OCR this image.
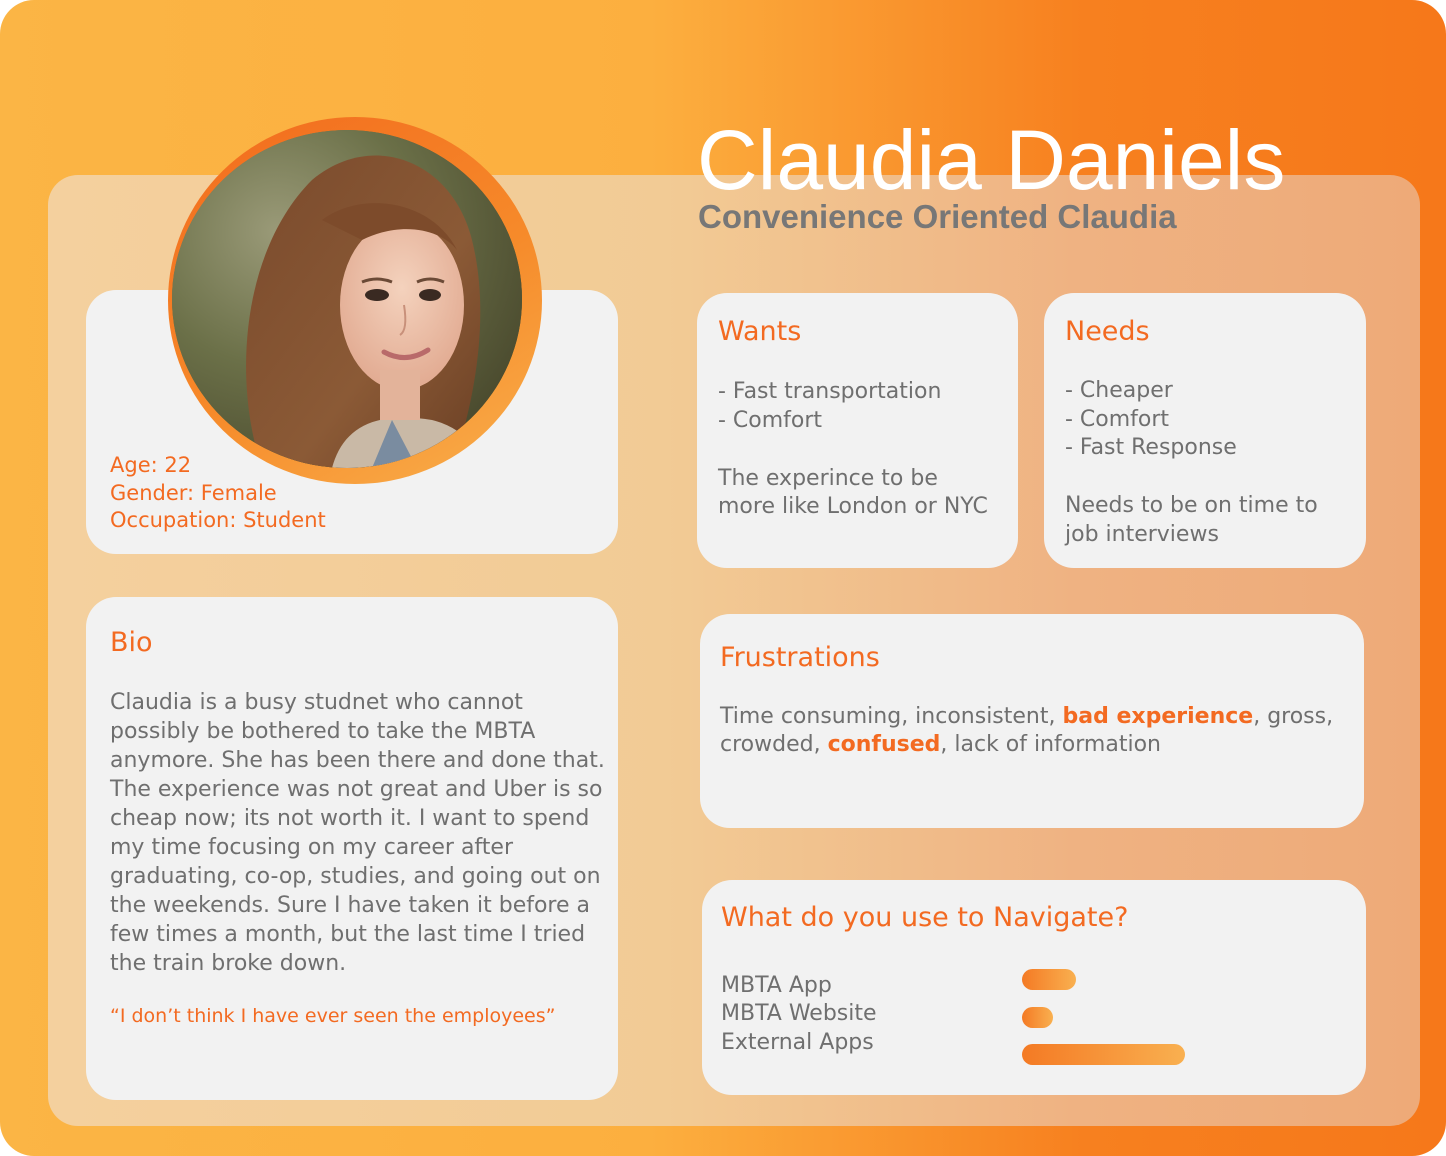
Age: 22
Gender: Female
Occupation: Student
Claudia Daniels
Convenience Oriented Claudia
Wants
- Fast transportation
- Comfort
The experince to be
more like London or NYC
Needs
- Cheaper
- Comfort
- Fast Response
Needs to be on time to
job interviews
Bio
Claudia is a busy studnet who cannot
possibly be bothered to take the MBTA
anymore. She has been there and done that.
The experience was not great and Uber is so
cheap now; its not worth it. I want to spend
my time focusing on my career after
graduating, co-op, studies, and going out on
the weekends. Sure I have taken it before a
few times a month, but the last time I tried
the train broke down.
“I don’t think I have ever seen the employees”
Frustrations
Time consuming, inconsistent, bad experience, gross,
crowded, confused, lack of information
What do you use to Navigate?
MBTA App
MBTA Website
External Apps
